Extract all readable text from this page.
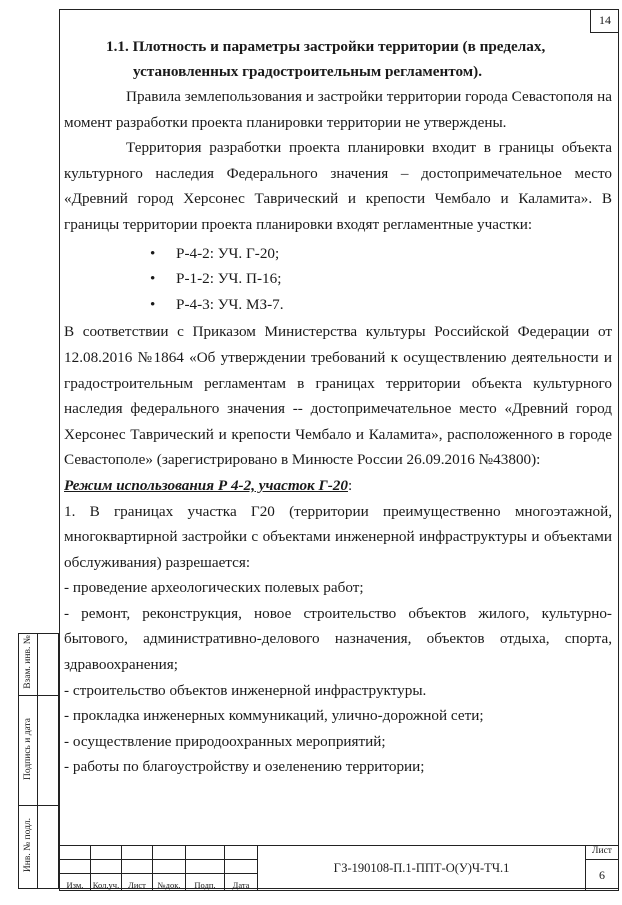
14
1.1. Плотность и параметры застройки территории (в пределах,
установленных градостроительным регламентом).

Правила землепользования и застройки территории города Севастополя на момент разработки проекта планировки территории не утверждены.

Территория разработки проекта планировки входит в границы объекта культурного наследия Федерального значения – достопримечательное место «Древний город Херсонес Таврический и крепости Чембало и Каламита». В границы территории проекта планировки входят регламентные участки:

• Р-4-2: УЧ. Г-20;
• Р-1-2: УЧ. П-16;
• Р-4-3: УЧ. МЗ-7.

В соответствии с Приказом Министерства культуры Российской Федерации от 12.08.2016 №1864 «Об утверждении требований к осуществлению деятельности и градостроительным регламентам в границах территории объекта культурного наследия федерального значения -- достопримечательное место «Древний город Херсонес Таврический и крепости Чембало и Каламита», расположенного в городе Севастополе» (зарегистрировано в Минюсте России 26.09.2016 №43800):

Режим использования Р 4-2, участок Г-20:

1. В границах участка Г20 (территории преимущественно многоэтажной, многоквартирной застройки с объектами инженерной инфраструктуры и объектами обслуживания) разрешается:

- проведение археологических полевых работ;

- ремонт, реконструкция, новое строительство объектов жилого, культурно-бытового, административно-делового назначения, объектов отдыха, спорта, здравоохранения;

- строительство объектов инженерной инфраструктуры.

- прокладка инженерных коммуникаций, улично-дорожной сети;

- осуществление природоохранных мероприятий;

- работы по благоустройству и озеленению территории;

						ГЗ-190108-П.1-ППТ-О(У)Ч-ТЧ.1	Лист
							6
Изм.	Кол.уч.	Лист	№док.	Подп.	Дата		
Взам. инв. №
Подпись и дата
Инв. № подл.
